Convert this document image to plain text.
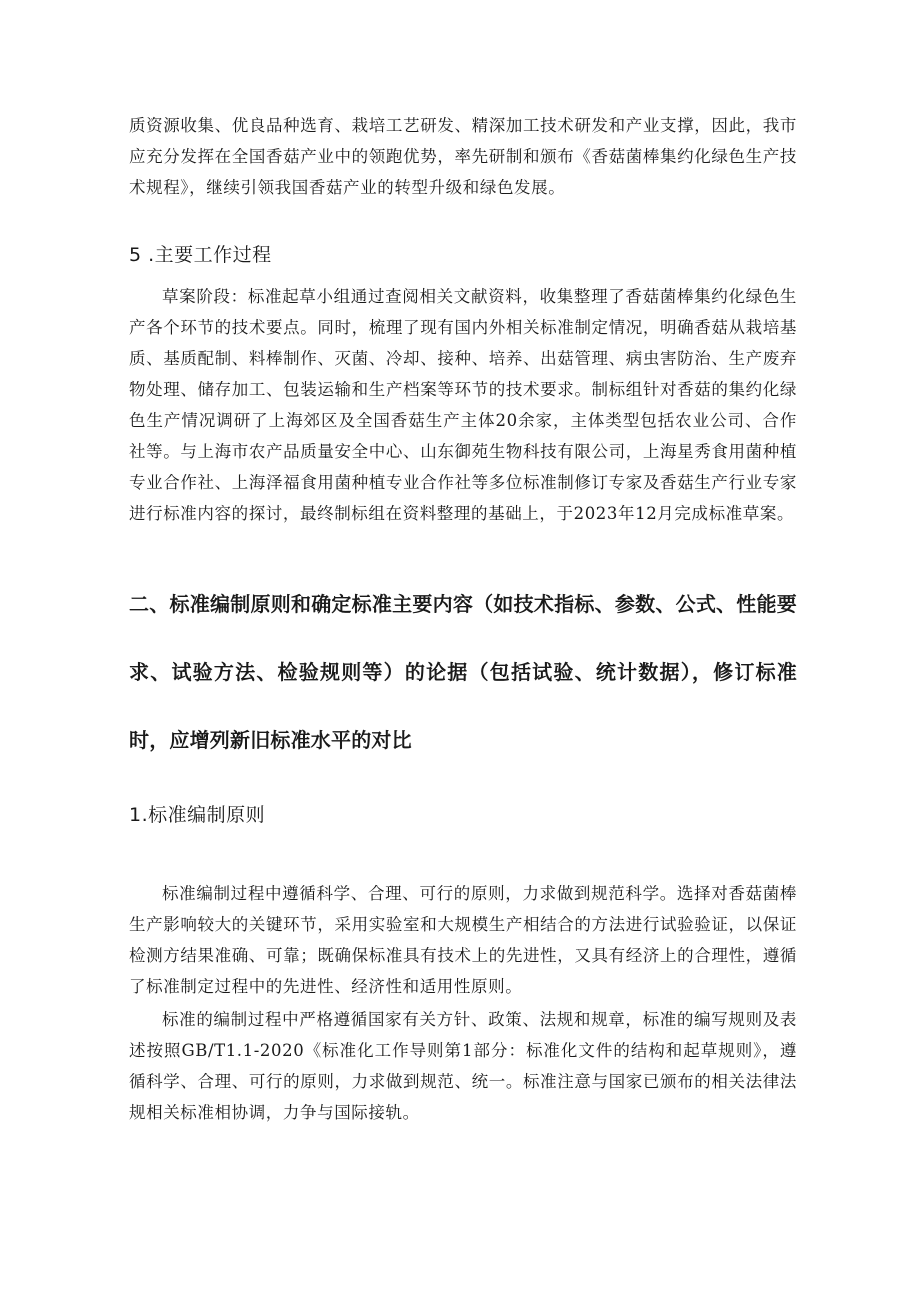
质资源收集、优良品种选育、栽培工艺研发、精深加工技术研发和产业支撑，因此，我市应充分发挥在全国香菇产业中的领跑优势，率先研制和颁布《香菇菌棒集约化绿色生产技术规程》，继续引领我国香菇产业的转型升级和绿色发展。

5 .主要工作过程

草案阶段：标准起草小组通过查阅相关文献资料，收集整理了香菇菌棒集约化绿色生产各个环节的技术要点。同时，梳理了现有国内外相关标准制定情况，明确香菇从栽培基质、基质配制、料棒制作、灭菌、冷却、接种、培养、出菇管理、病虫害防治、生产废弃物处理、储存加工、包装运输和生产档案等环节的技术要求。制标组针对香菇的集约化绿色生产情况调研了上海郊区及全国香菇生产主体20余家，主体类型包括农业公司、合作社等。与上海市农产品质量安全中心、山东御苑生物科技有限公司，上海星秀食用菌种植专业合作社、上海泽福食用菌种植专业合作社等多位标准制修订专家及香菇生产行业专家进行标准内容的探讨，最终制标组在资料整理的基础上，于2023年12月完成标准草案。

二、标准编制原则和确定标准主要内容（如技术指标、参数、公式、性能要求、试验方法、检验规则等）的论据（包括试验、统计数据），修订标准时，应增列新旧标准水平的对比
1.标准编制原则

标准编制过程中遵循科学、合理、可行的原则，力求做到规范科学。选择对香菇菌棒生产影响较大的关键环节，采用实验室和大规模生产相结合的方法进行试验验证，以保证检测方结果准确、可靠；既确保标准具有技术上的先进性，又具有经济上的合理性，遵循了标准制定过程中的先进性、经济性和适用性原则。

标准的编制过程中严格遵循国家有关方针、政策、法规和规章，标准的编写规则及表述按照GB/T1.1-2020《标准化工作导则第1部分：标准化文件的结构和起草规则》，遵循科学、合理、可行的原则，力求做到规范、统一。标准注意与国家已颁布的相关法律法规相关标准相协调，力争与国际接轨。
